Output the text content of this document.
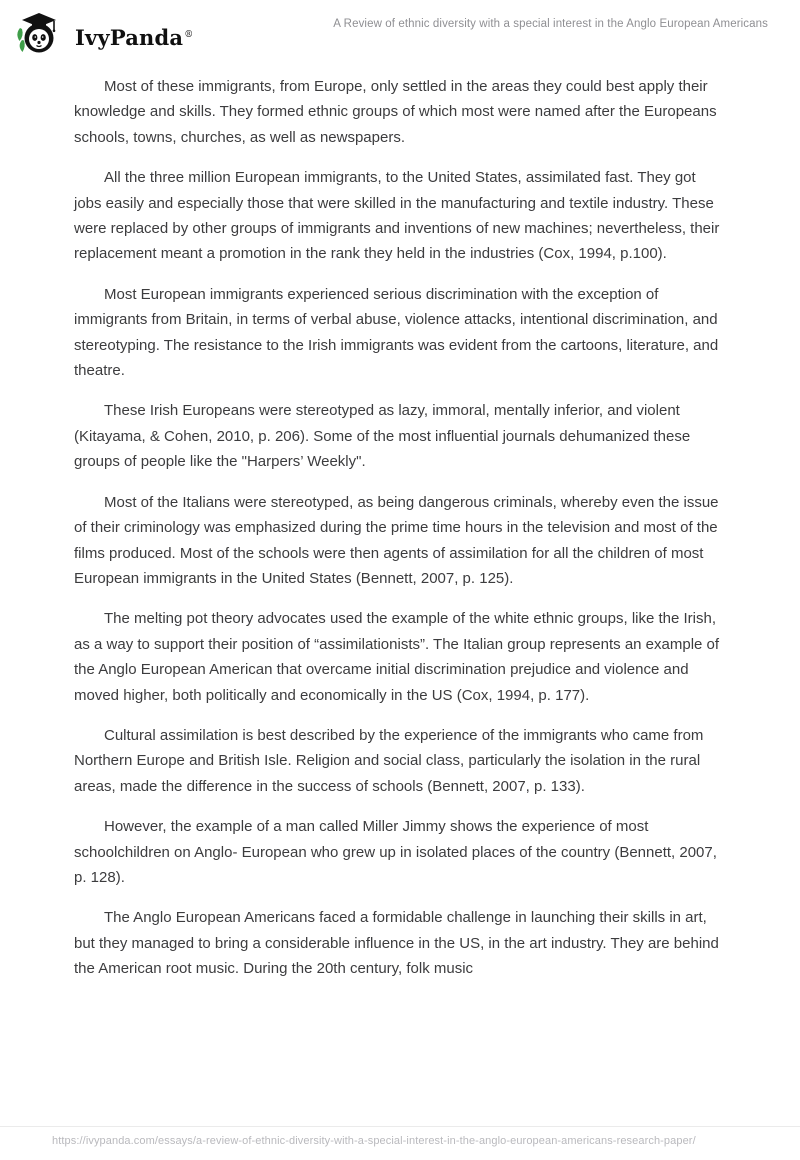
IvyPanda®
A Review of ethnic diversity with a special interest in the Anglo European Americans

Most of these immigrants, from Europe, only settled in the areas they could best apply their knowledge and skills. They formed ethnic groups of which most were named after the Europeans schools, towns, churches, as well as newspapers.

All the three million European immigrants, to the United States, assimilated fast. They got jobs easily and especially those that were skilled in the manufacturing and textile industry. These were replaced by other groups of immigrants and inventions of new machines; nevertheless, their replacement meant a promotion in the rank they held in the industries (Cox, 1994, p.100).

Most European immigrants experienced serious discrimination with the exception of immigrants from Britain, in terms of verbal abuse, violence attacks, intentional discrimination, and stereotyping. The resistance to the Irish immigrants was evident from the cartoons, literature, and theatre.

These Irish Europeans were stereotyped as lazy, immoral, mentally inferior, and violent (Kitayama, & Cohen, 2010, p. 206). Some of the most influential journals dehumanized these groups of people like the "Harpers’ Weekly".

Most of the Italians were stereotyped, as being dangerous criminals, whereby even the issue of their criminology was emphasized during the prime time hours in the television and most of the films produced. Most of the schools were then agents of assimilation for all the children of most European immigrants in the United States (Bennett, 2007, p. 125).

The melting pot theory advocates used the example of the white ethnic groups, like the Irish, as a way to support their position of “assimilationists”. The Italian group represents an example of the Anglo European American that overcame initial discrimination prejudice and violence and moved higher, both politically and economically in the US (Cox, 1994, p. 177).

Cultural assimilation is best described by the experience of the immigrants who came from Northern Europe and British Isle. Religion and social class, particularly the isolation in the rural areas, made the difference in the success of schools (Bennett, 2007, p. 133).

However, the example of a man called Miller Jimmy shows the experience of most schoolchildren on Anglo- European who grew up in isolated places of the country (Bennett, 2007, p. 128).

The Anglo European Americans faced a formidable challenge in launching their skills in art, but they managed to bring a considerable influence in the US, in the art industry. They are behind the American root music. During the 20th century, folk music

https://ivypanda.com/essays/a-review-of-ethnic-diversity-with-a-special-interest-in-the-anglo-european-americans-research-paper/
